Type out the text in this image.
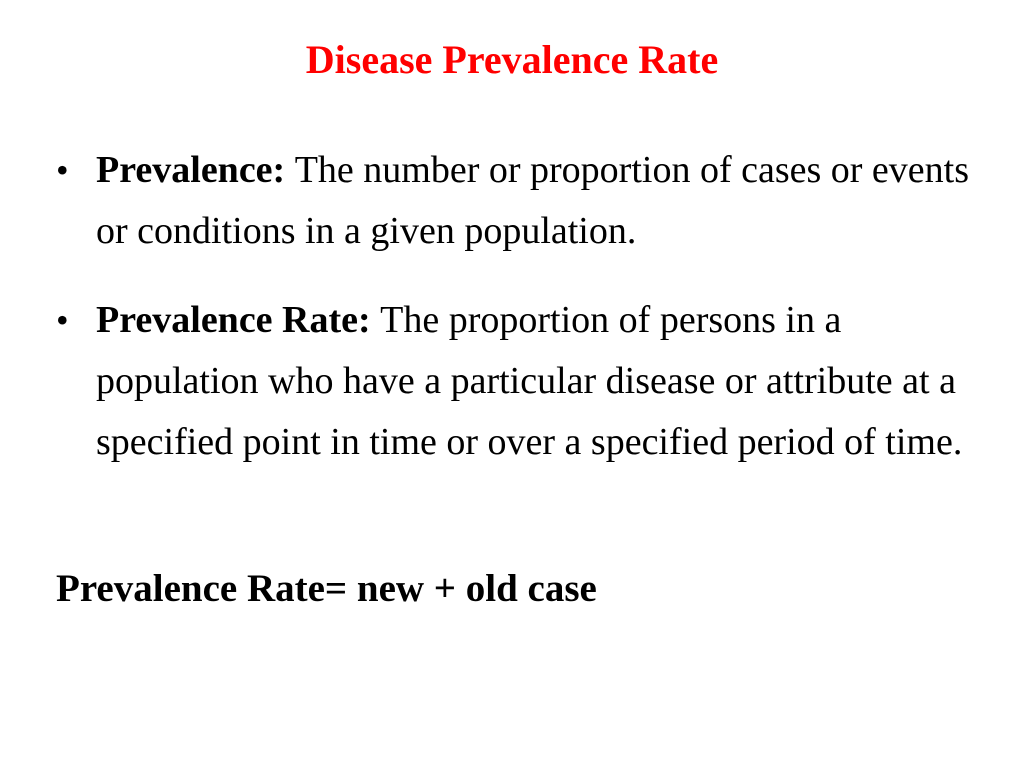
Disease Prevalence Rate
• Prevalence: The number or proportion of cases or events or conditions in a given population.
• Prevalence Rate: The proportion of persons in a population who have a particular disease or attribute at a specified point in time or over a specified period of time.

Prevalence Rate= new + old case
